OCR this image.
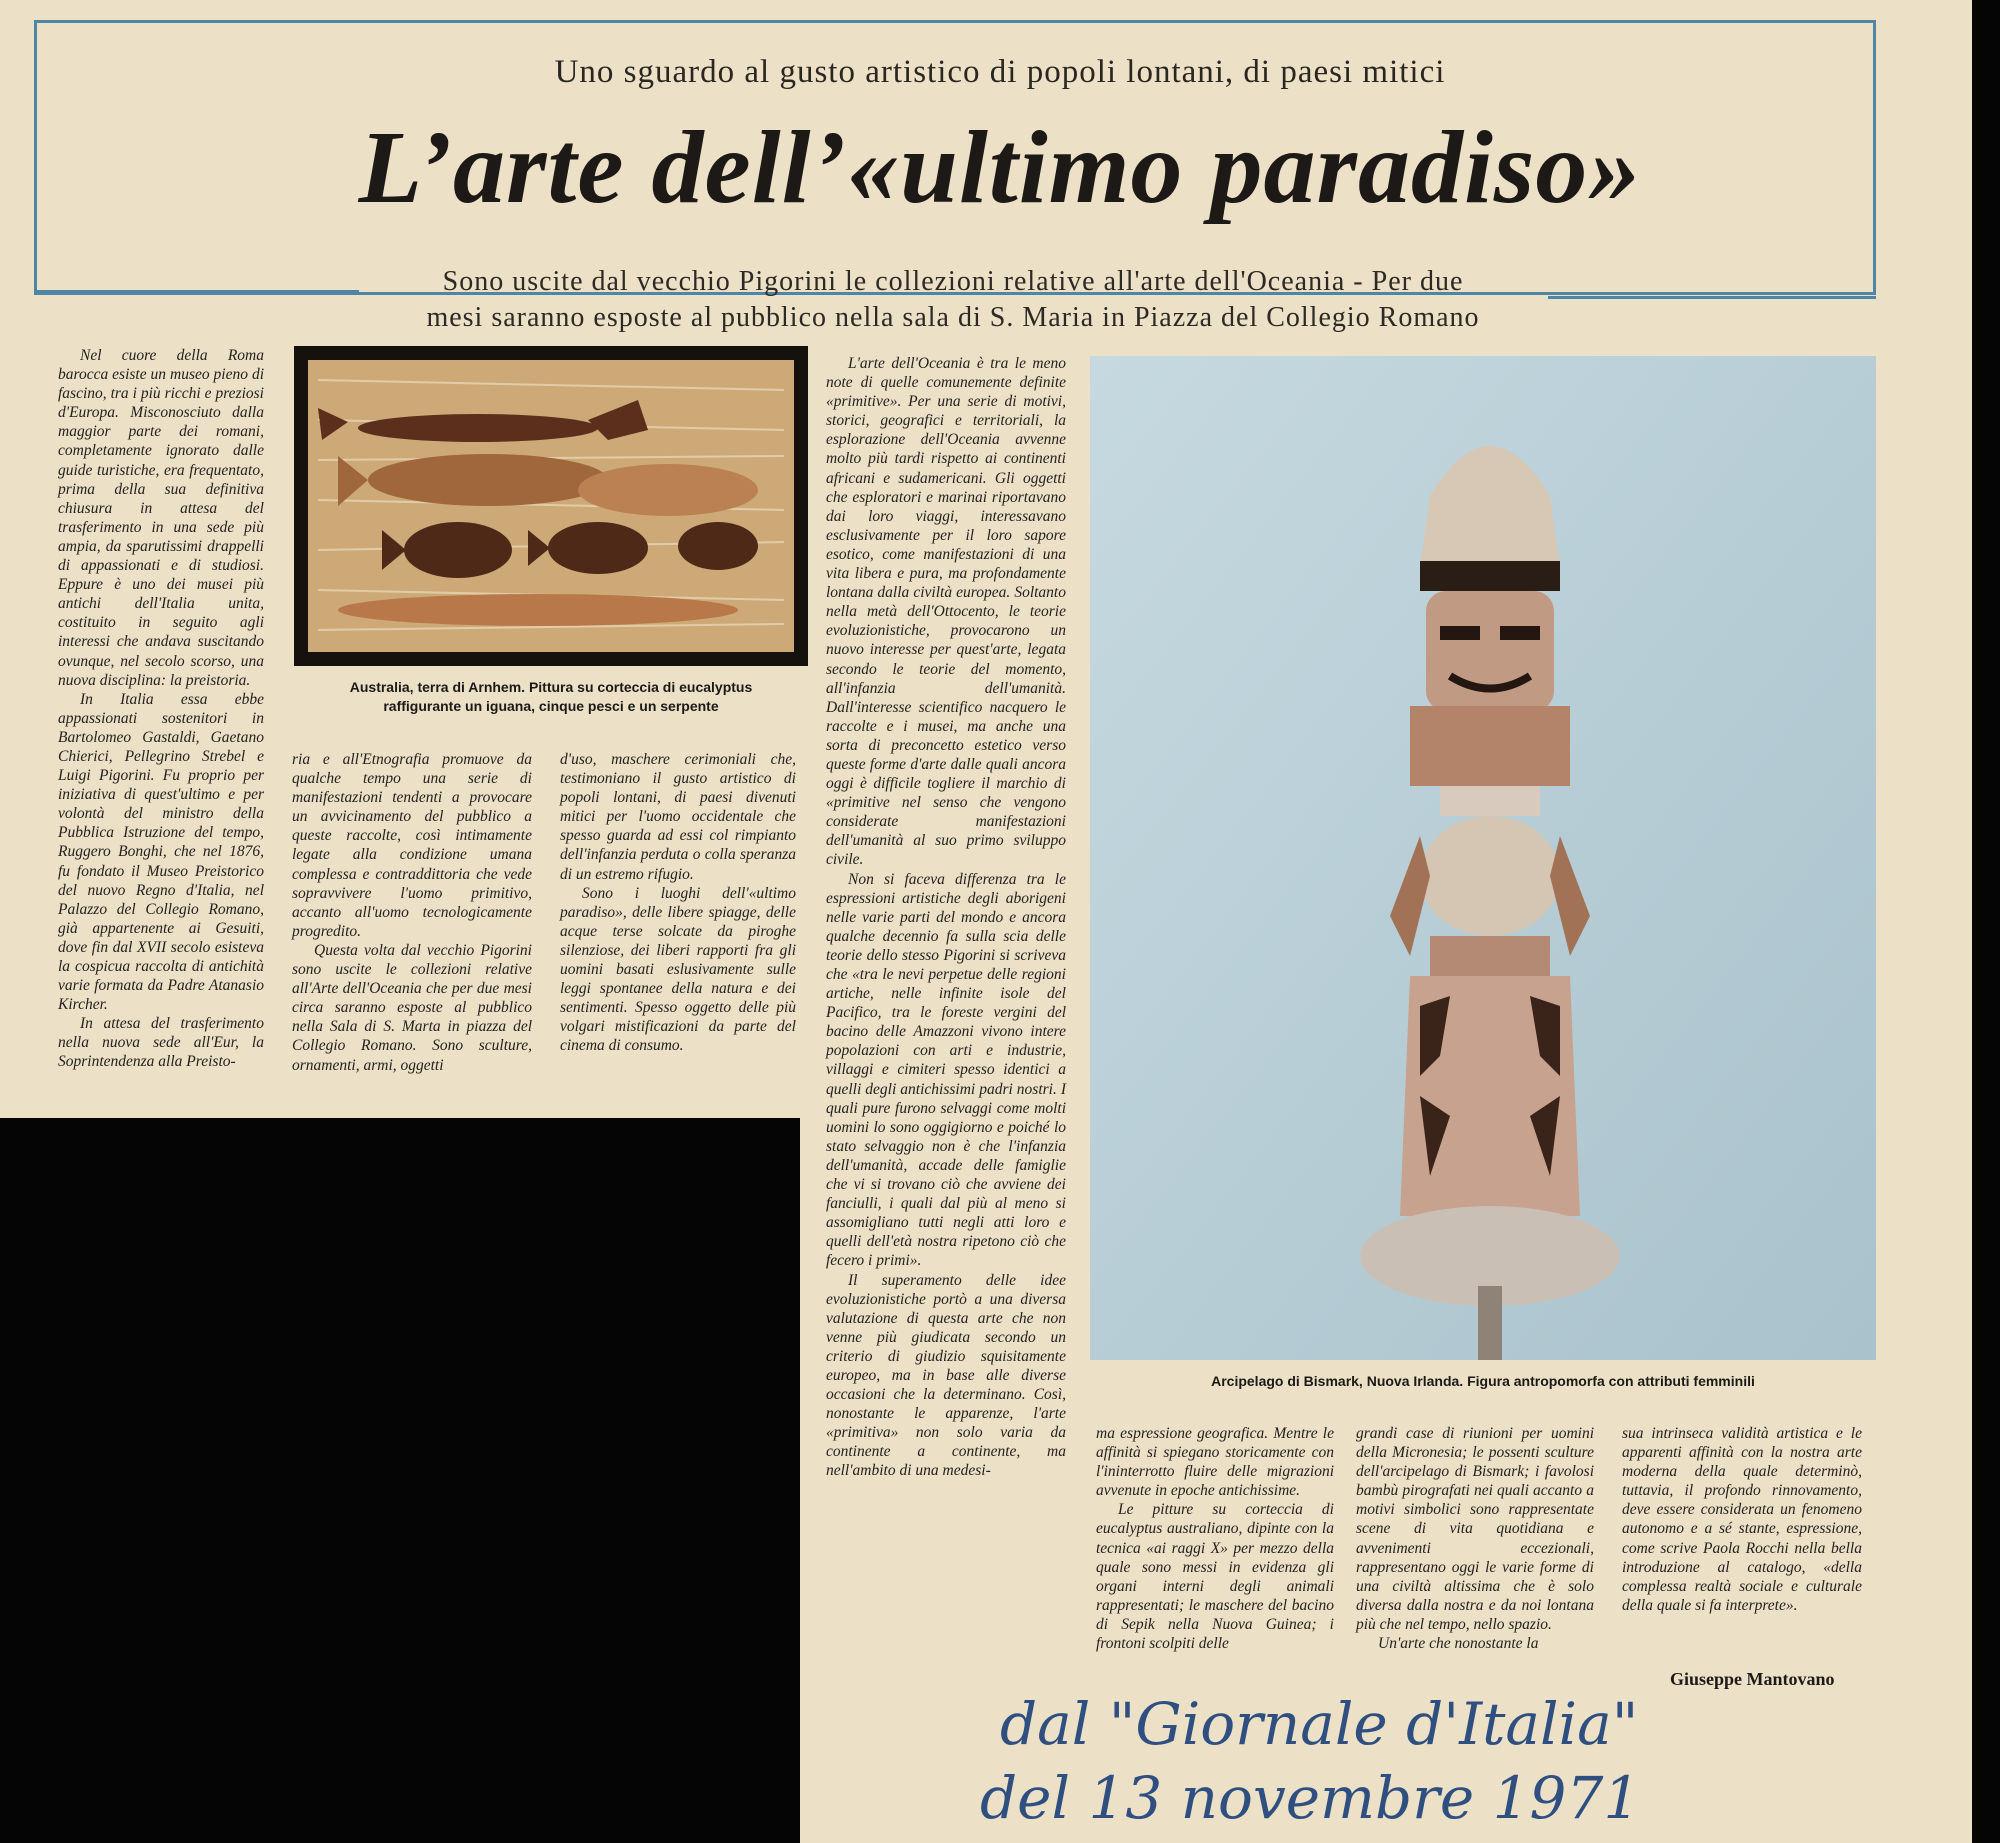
Uno sguardo al gusto artistico di popoli lontani, di paesi mitici
L’arte dell’«ultimo paradiso»
Sono uscite dal vecchio Pigorini le collezioni relative all'arte dell'Oceania - Per due
mesi saranno esposte al pubblico nella sala di S. Maria in Piazza del Collegio Romano

Nel cuore della Roma barocca esiste un museo pieno di fascino, tra i più ricchi e preziosi d'Europa. Misconosciuto dalla maggior parte dei romani, completamente ignorato dalle guide turistiche, era frequentato, prima della sua definitiva chiusura in attesa del trasferimento in una sede più ampia, da sparutissimi drappelli di appassionati e di studiosi. Eppure è uno dei musei più antichi dell'Italia unita, costituito in seguito agli interessi che andava suscitando ovunque, nel secolo scorso, una nuova disciplina: la preistoria.

In Italia essa ebbe appassionati sostenitori in Bartolomeo Gastaldi, Gaetano Chierici, Pellegrino Strebel e Luigi Pigorini. Fu proprio per iniziativa di quest'ultimo e per volontà del ministro della Pubblica Istruzione del tempo, Ruggero Bonghi, che nel 1876, fu fondato il Museo Preistorico del nuovo Regno d'Italia, nel Palazzo del Collegio Romano, già appartenente ai Gesuiti, dove fin dal XVII secolo esisteva la cospicua raccolta di antichità varie formata da Padre Atanasio Kircher.

In attesa del trasferimento nella nuova sede all'Eur, la Soprintendenza alla Preisto-

Australia, terra di Arnhem. Pittura su corteccia di eucalyptus
raffigurante un iguana, cinque pesci e un serpente

ria e all'Etnografia promuove da qualche tempo una serie di manifestazioni tendenti a provocare un avvicinamento del pubblico a queste raccolte, così intimamente legate alla condizione umana complessa e contraddittoria che vede sopravvivere l'uomo primitivo, accanto all'uomo tecnologicamente progredito.

Questa volta dal vecchio Pigorini sono uscite le collezioni relative all'Arte dell'Oceania che per due mesi circa saranno esposte al pubblico nella Sala di S. Marta in piazza del Collegio Romano. Sono sculture, ornamenti, armi, oggetti

d'uso, maschere cerimoniali che, testimoniano il gusto artistico di popoli lontani, di paesi divenuti mitici per l'uomo occidentale che spesso guarda ad essi col rimpianto dell'infanzia perduta o colla speranza di un estremo rifugio.

Sono i luoghi dell'«ultimo paradiso», delle libere spiagge, delle acque terse solcate da piroghe silenziose, dei liberi rapporti fra gli uomini basati eslusivamente sulle leggi spontanee della natura e dei sentimenti. Spesso oggetto delle più volgari mistificazioni da parte del cinema di consumo.

L'arte dell'Oceania è tra le meno note di quelle comunemente definite «primitive». Per una serie di motivi, storici, geografici e territoriali, la esplorazione dell'Oceania avvenne molto più tardi rispetto ai continenti africani e sudamericani. Gli oggetti che esploratori e marinai riportavano dai loro viaggi, interessavano esclusivamente per il loro sapore esotico, come manifestazioni di una vita libera e pura, ma profondamente lontana dalla civiltà europea. Soltanto nella metà dell'Ottocento, le teorie evoluzionistiche, provocarono un nuovo interesse per quest'arte, legata secondo le teorie del momento, all'infanzia dell'umanità. Dall'interesse scientifico nacquero le raccolte e i musei, ma anche una sorta di preconcetto estetico verso queste forme d'arte dalle quali ancora oggi è difficile togliere il marchio di «primitive nel senso che vengono considerate manifestazioni dell'umanità al suo primo sviluppo civile.

Non si faceva differenza tra le espressioni artistiche degli aborigeni nelle varie parti del mondo e ancora qualche decennio fa sulla scia delle teorie dello stesso Pigorini si scriveva che «tra le nevi perpetue delle regioni artiche, nelle infinite isole del Pacifico, tra le foreste vergini del bacino delle Amazzoni vivono intere popolazioni con arti e industrie, villaggi e cimiteri spesso identici a quelli degli antichissimi padri nostri. I quali pure furono selvaggi come molti uomini lo sono oggigiorno e poiché lo stato selvaggio non è che l'infanzia dell'umanità, accade delle famiglie che vi si trovano ciò che avviene dei fanciulli, i quali dal più al meno si assomigliano tutti negli atti loro e quelli dell'età nostra ripetono ciò che fecero i primi».

Il superamento delle idee evoluzionistiche portò a una diversa valutazione di questa arte che non venne più giudicata secondo un criterio di giudizio squisitamente europeo, ma in base alle diverse occasioni che la determinano. Così, nonostante le apparenze, l'arte «primitiva» non solo varia da continente a continente, ma nell'ambito di una medesi-

Arcipelago di Bismark, Nuova Irlanda. Figura antropomorfa con attributi femminili

ma espressione geografica. Mentre le affinità si spiegano storicamente con l'ininterrotto fluire delle migrazioni avvenute in epoche antichissime.

Le pitture su corteccia di eucalyptus australiano, dipinte con la tecnica «ai raggi X» per mezzo della quale sono messi in evidenza gli organi interni degli animali rappresentati; le maschere del bacino di Sepik nella Nuova Guinea; i frontoni scolpiti delle

grandi case di riunioni per uomini della Micronesia; le possenti sculture dell'arcipelago di Bismark; i favolosi bambù pirografati nei quali accanto a motivi simbolici sono rappresentate scene di vita quotidiana e avvenimenti eccezionali, rappresentano oggi le varie forme di una civiltà altissima che è solo diversa dalla nostra e da noi lontana più che nel tempo, nello spazio.

Un'arte che nonostante la

sua intrinseca validità artistica e le apparenti affinità con la nostra arte moderna della quale determinò, tuttavia, il profondo rinnovamento, deve essere considerata un fenomeno autonomo e a sé stante, espressione, come scrive Paola Rocchi nella bella introduzione al catalogo, «della complessa realtà sociale e culturale della quale si fa interprete».

Giuseppe Mantovano
dal "Giornale d'Italia"
del 13 novembre 1971
